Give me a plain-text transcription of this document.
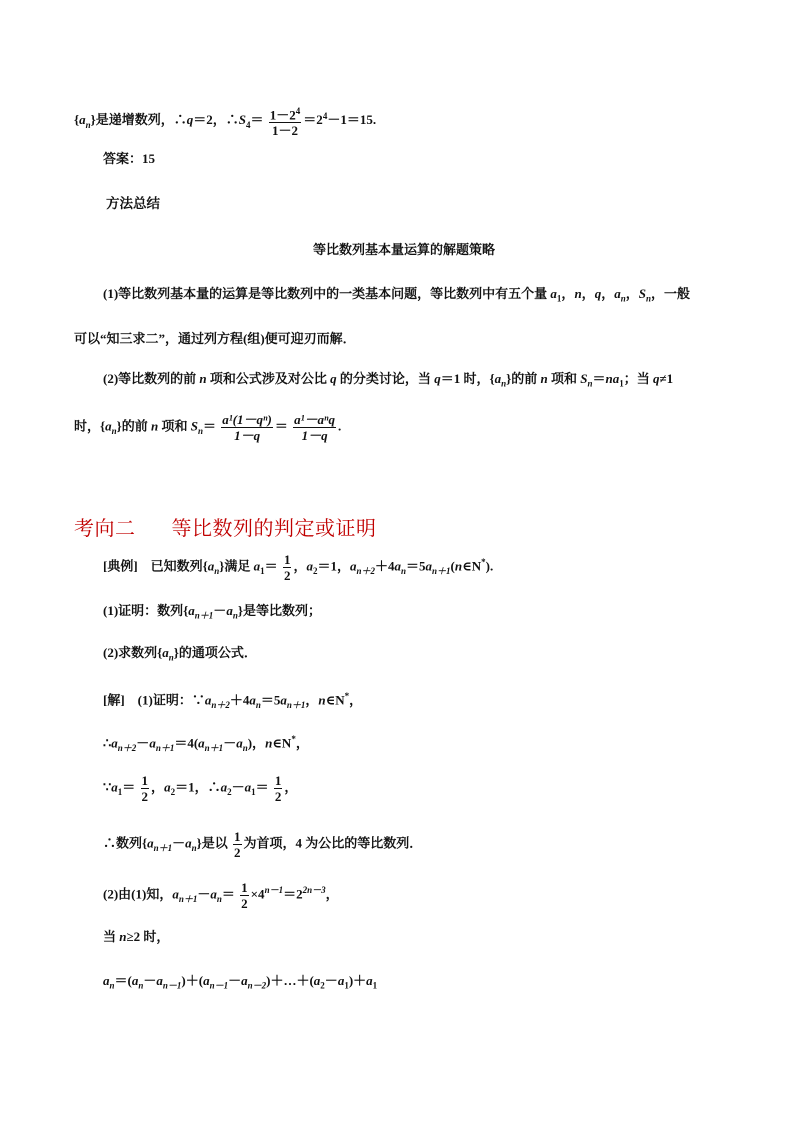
$\{a_n\}$是递增数列，∴q＝2，$\therefore S_4= \frac{1-2^4}{1-2} =2^4-1=15$.
答案：15
方法总结
等比数列基本量运算的解题策略
(1)等比数列基本量的运算是等比数列中的一类基本问题，等比数列中有五个量 $a_1$，n，q，$a_n$，$S_n$，一般
可以“知三求二”，通过列方程(组)便可迎刃而解．
(2)等比数列的前 n 项和公式涉及对公比 q 的分类讨论，当 q＝1 时，$\{a_n\}$的前 n 项和 $S_n=na_1$；当 q≠1
时，$\{a_n\}$的前 n 项和 $S_n= \frac{\text{a¹(1－qⁿ)}}{1-q} = \frac{\text{a¹－aⁿq}}{1-q}$ .
考向二 等比数列的判定或证明
[典例]　已知数列$\{a_n\}$满足 $a_1= \frac{1}{2}$ ，$a_2=1$，$a_{n+2}+4a_n=5a_{n+1}(n\in N^*)$.
(1)证明：数列$\{a_{n+1}-a_n\}$是等比数列；
(2)求数列$\{a_n\}$的通项公式．
[解]　(1)证明：$\because a_{n+2}+4a_n=5a_{n+1}$，n∈N*，
$\therefore a_{n+2}-a_{n+1}=4(a_{n+1}-a_n)$，n∈N*，
$\because a_1= \frac{1}{2}$ ，$a_2=1$，$\therefore a_2-a_1= \frac{1}{2}$ ，
∴数列$\{a_{n+1}-a_n\}$是以 $\frac{1}{2}$ 为首项，4 为公比的等比数列．
(2)由(1)知，$a_{n+1}-a_n= \frac{1}{2} \times 4^{n-1}=2^{2n-3}$，
当 n≥2 时，
$a_n=(a_n-a_{n-1})+(a_{n-1}-a_{n-2})+\dots+(a_2-a_1)+a_1$
